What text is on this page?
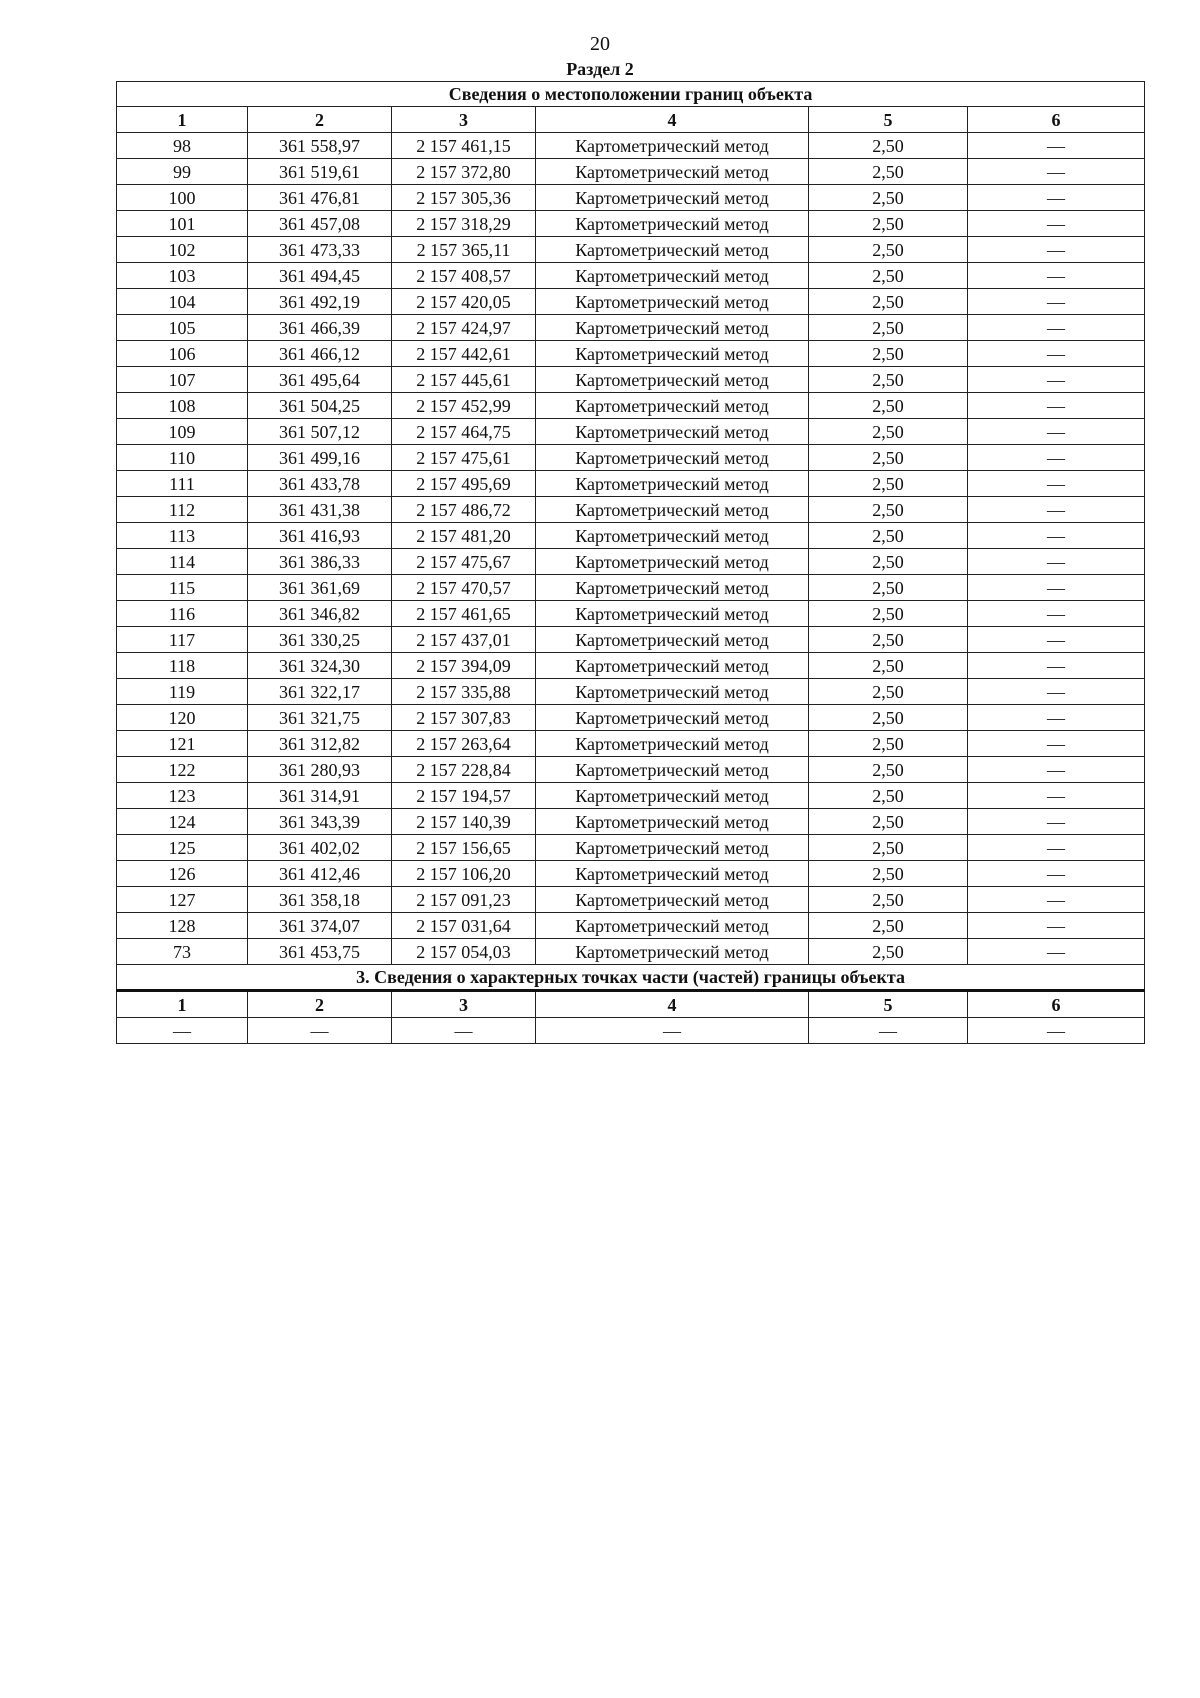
20
Раздел 2
Сведения о местоположении границ объекта					
1	2	3	4	5	6
98	361 558,97	2 157 461,15	Картометрический метод	2,50	—
99	361 519,61	2 157 372,80	Картометрический метод	2,50	—
100	361 476,81	2 157 305,36	Картометрический метод	2,50	—
101	361 457,08	2 157 318,29	Картометрический метод	2,50	—
102	361 473,33	2 157 365,11	Картометрический метод	2,50	—
103	361 494,45	2 157 408,57	Картометрический метод	2,50	—
104	361 492,19	2 157 420,05	Картометрический метод	2,50	—
105	361 466,39	2 157 424,97	Картометрический метод	2,50	—
106	361 466,12	2 157 442,61	Картометрический метод	2,50	—
107	361 495,64	2 157 445,61	Картометрический метод	2,50	—
108	361 504,25	2 157 452,99	Картометрический метод	2,50	—
109	361 507,12	2 157 464,75	Картометрический метод	2,50	—
110	361 499,16	2 157 475,61	Картометрический метод	2,50	—
111	361 433,78	2 157 495,69	Картометрический метод	2,50	—
112	361 431,38	2 157 486,72	Картометрический метод	2,50	—
113	361 416,93	2 157 481,20	Картометрический метод	2,50	—
114	361 386,33	2 157 475,67	Картометрический метод	2,50	—
115	361 361,69	2 157 470,57	Картометрический метод	2,50	—
116	361 346,82	2 157 461,65	Картометрический метод	2,50	—
117	361 330,25	2 157 437,01	Картометрический метод	2,50	—
118	361 324,30	2 157 394,09	Картометрический метод	2,50	—
119	361 322,17	2 157 335,88	Картометрический метод	2,50	—
120	361 321,75	2 157 307,83	Картометрический метод	2,50	—
121	361 312,82	2 157 263,64	Картометрический метод	2,50	—
122	361 280,93	2 157 228,84	Картометрический метод	2,50	—
123	361 314,91	2 157 194,57	Картометрический метод	2,50	—
124	361 343,39	2 157 140,39	Картометрический метод	2,50	—
125	361 402,02	2 157 156,65	Картометрический метод	2,50	—
126	361 412,46	2 157 106,20	Картометрический метод	2,50	—
127	361 358,18	2 157 091,23	Картометрический метод	2,50	—
128	361 374,07	2 157 031,64	Картометрический метод	2,50	—
73	361 453,75	2 157 054,03	Картометрический метод	2,50	—
3. Сведения о характерных точках части (частей) границы объекта					
1	2	3	4	5	6
—	—	—	—	—	—
